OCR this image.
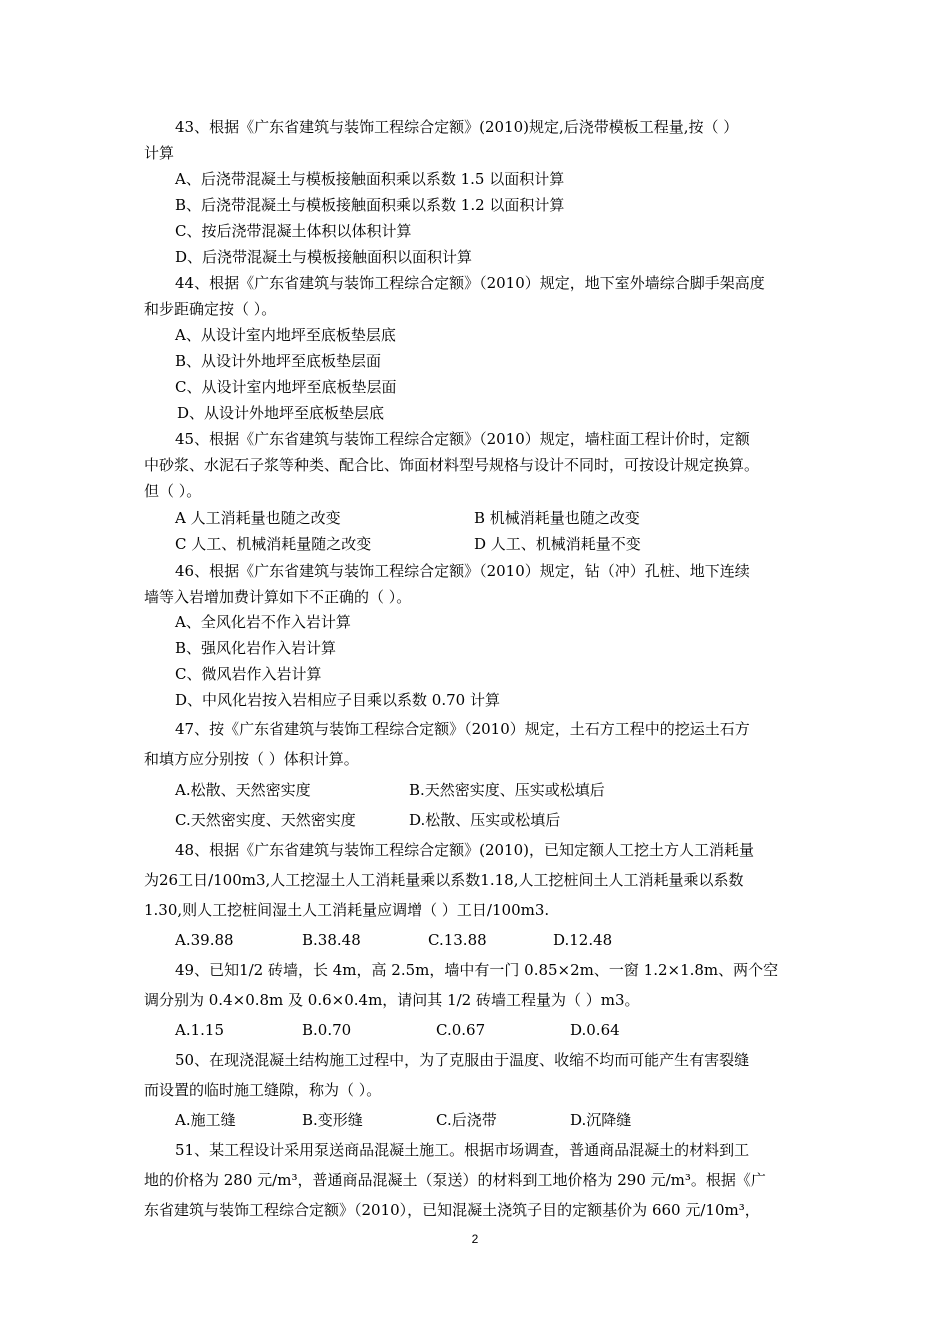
43、根据《广东省建筑与装饰工程综合定额》(2010)规定,后浇带模板工程量,按（ ）
计算
A、后浇带混凝土与模板接触面积乘以系数 1.5 以面积计算
B、后浇带混凝土与模板接触面积乘以系数 1.2 以面积计算
C、按后浇带混凝土体积以体积计算
D、后浇带混凝土与模板接触面积以面积计算
44、根据《广东省建筑与装饰工程综合定额》（2010）规定，地下室外墙综合脚手架高度
和步距确定按（ ）。
A、从设计室内地坪至底板垫层底
B、从设计外地坪至底板垫层面
C、从设计室内地坪至底板垫层面
D、从设计外地坪至底板垫层底
45、根据《广东省建筑与装饰工程综合定额》（2010）规定，墙柱面工程计价时，定额
中砂浆、水泥石子浆等种类、配合比、饰面材料型号规格与设计不同时，可按设计规定换算。
但（ ）。
A 人工消耗量也随之改变	B 机械消耗量也随之改变
C 人工、机械消耗量随之改变	D 人工、机械消耗量不变
46、根据《广东省建筑与装饰工程综合定额》（2010）规定，钻（冲）孔桩、地下连续
墙等入岩增加费计算如下不正确的（ ）。
A、全风化岩不作入岩计算
B、强风化岩作入岩计算
C、微风岩作入岩计算
D、中风化岩按入岩相应子目乘以系数 0.70 计算
47、按《广东省建筑与装饰工程综合定额》（2010）规定，土石方工程中的挖运土石方
和填方应分别按（ ）体积计算。
A.松散、天然密实度	B.天然密实度、压实或松填后
C.天然密实度、天然密实度	D.松散、压实或松填后
48、根据《广东省建筑与装饰工程综合定额》(2010)，已知定额人工挖土方人工消耗量
为26工日/100m3,人工挖湿土人工消耗量乘以系数1.18,人工挖桩间土人工消耗量乘以系数
1.30,则人工挖桩间湿土人工消耗量应调增（ ）工日/100m3.
A.39.88	B.38.48	C.13.88	D.12.48
49、已知1/2 砖墙，长 4m，高 2.5m，墙中有一门 0.85×2m、一窗 1.2×1.8m、两个空
调分别为 0.4×0.8m 及 0.6×0.4m，请问其 1/2 砖墙工程量为（ ）m3。
A.1.15	B.0.70	C.0.67	D.0.64
50、在现浇混凝土结构施工过程中，为了克服由于温度、收缩不均而可能产生有害裂缝
而设置的临时施工缝隙，称为（ ）。
A.施工缝	B.变形缝	C.后浇带	D.沉降缝
51、某工程设计采用泵送商品混凝土施工。根据市场调查，普通商品混凝土的材料到工
地的价格为 280 元/m³，普通商品混凝土（泵送）的材料到工地价格为 290 元/m³。根据《广
东省建筑与装饰工程综合定额》（2010），已知混凝土浇筑子目的定额基价为 660 元/10m³，
2
